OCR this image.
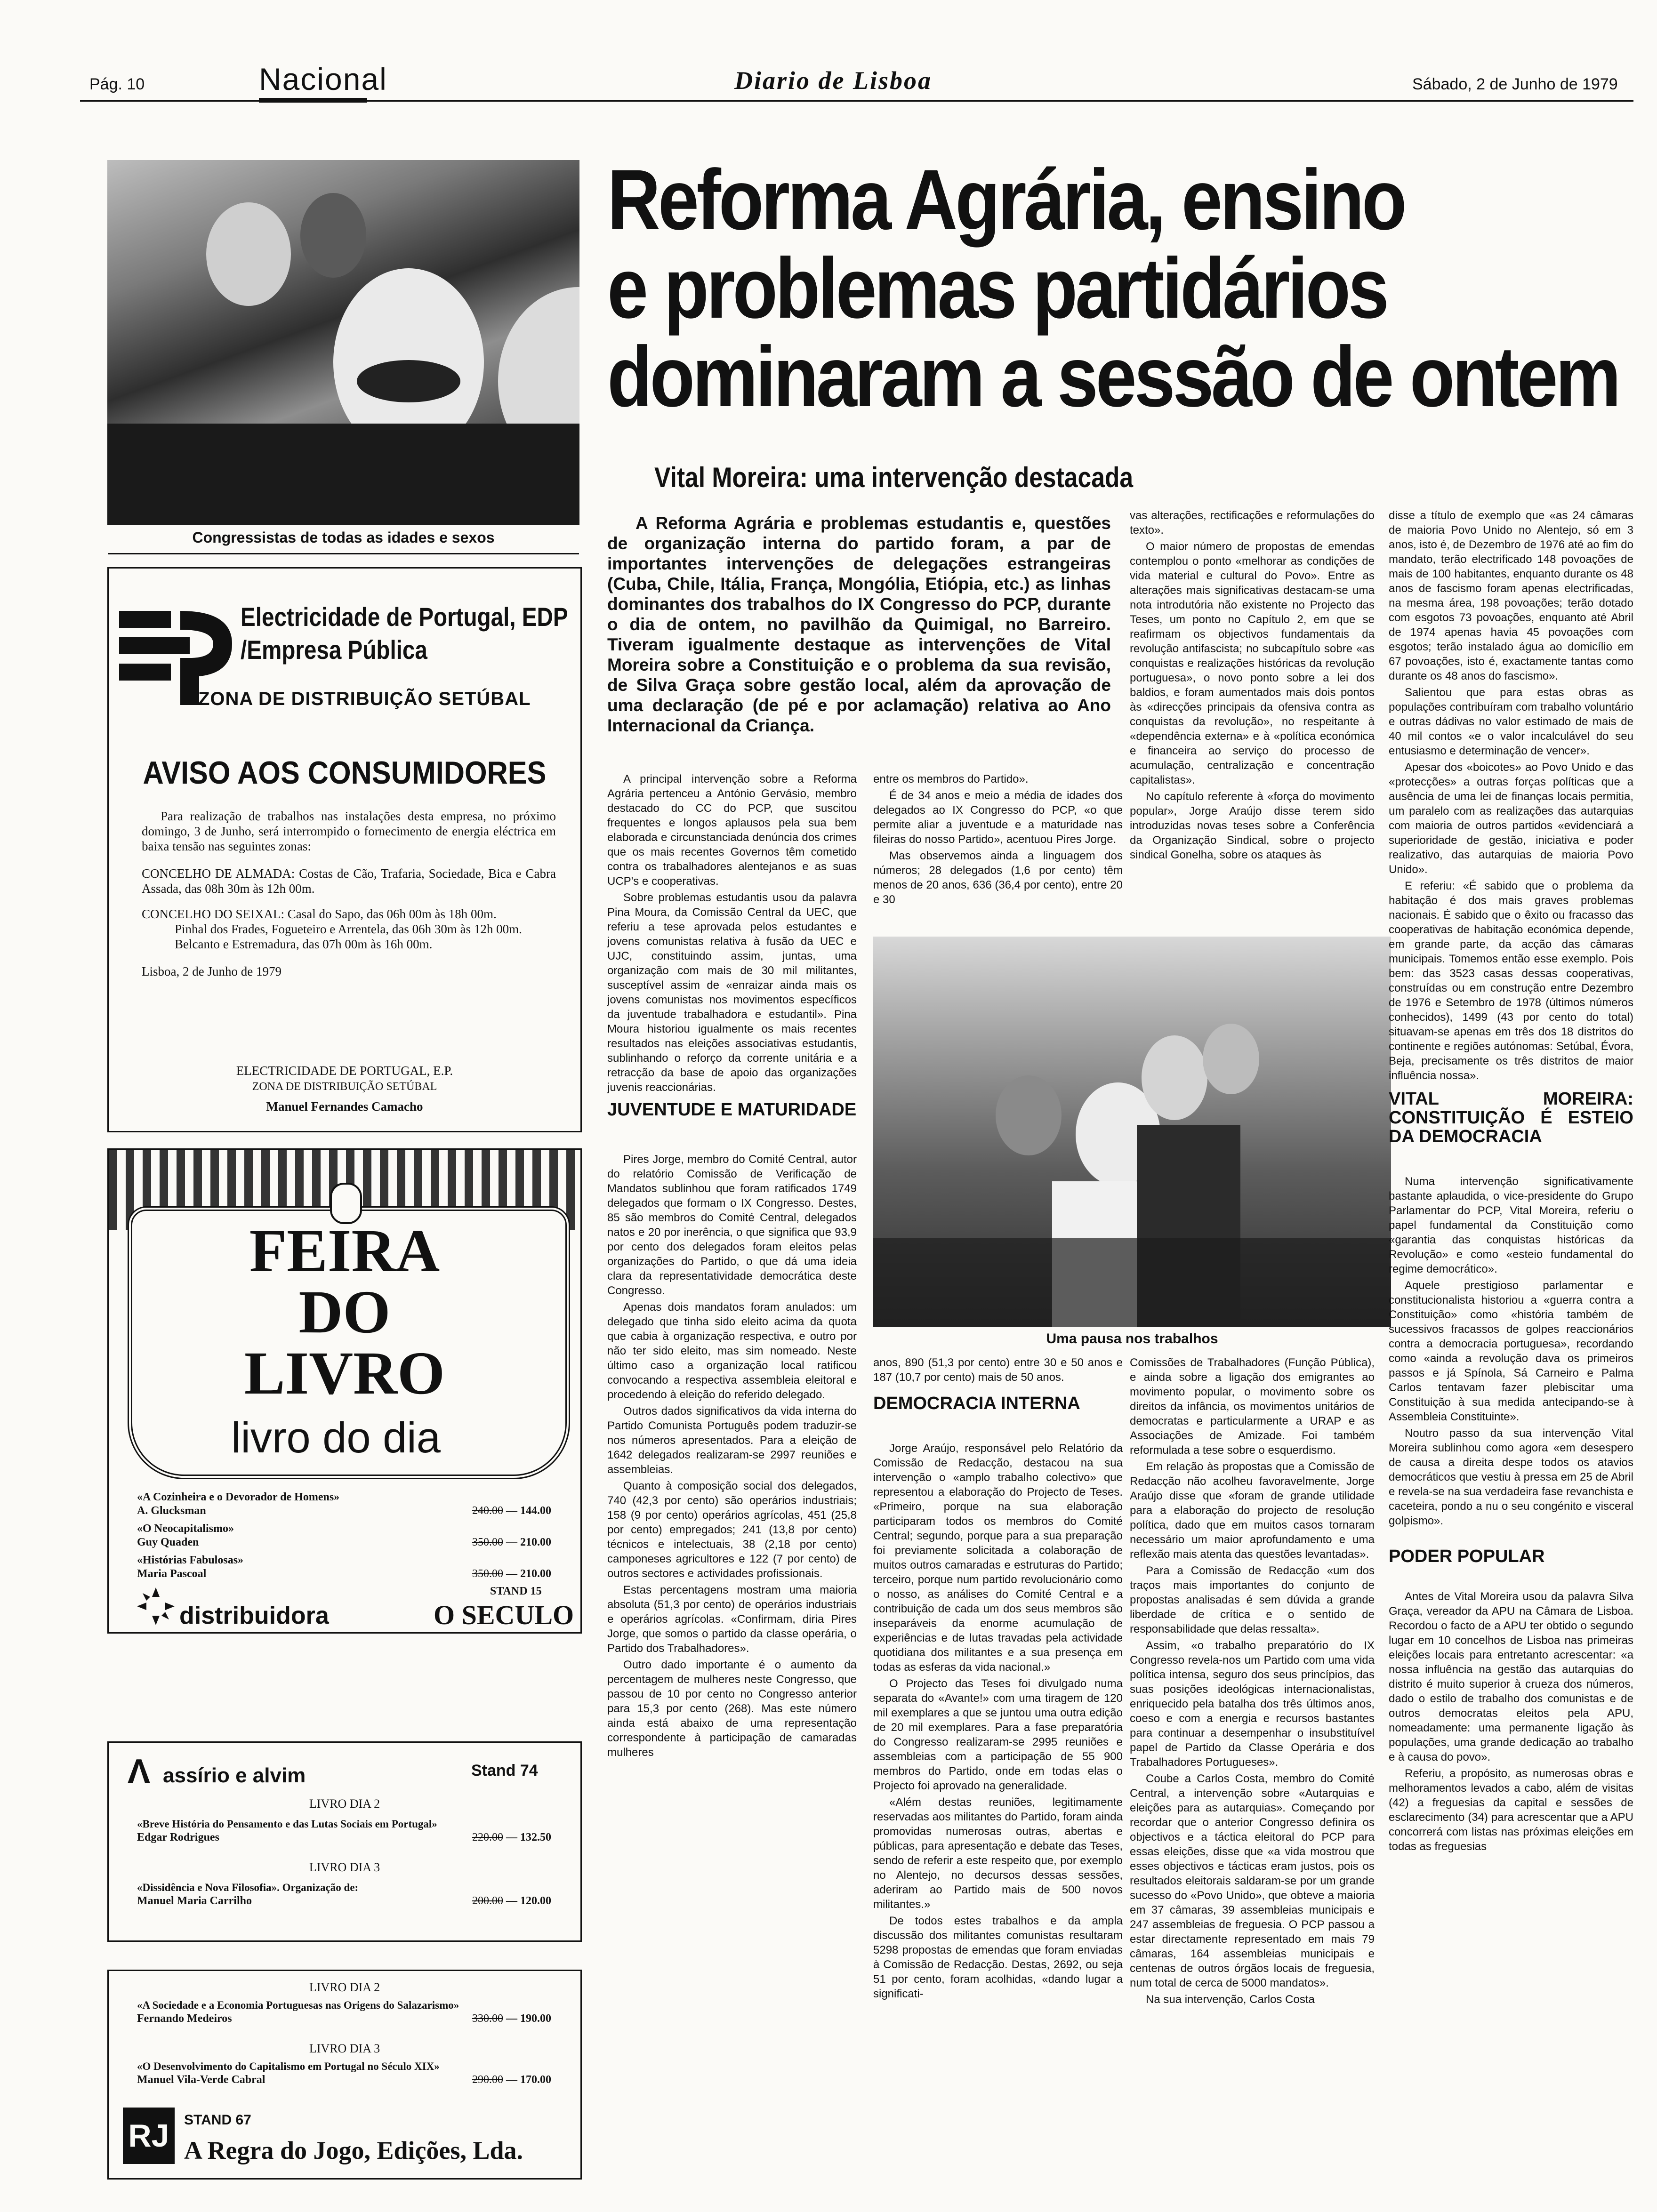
Pág. 10	Nacional	Diario de Lisboa	Sábado, 2 de Junho de 1979
Congressistas de todas as idades e sexos
Reforma Agrária, ensino
e problemas partidários
dominaram a sessão de ontem
Vital Moreira: uma intervenção destacada
A Reforma Agrária e problemas estudantis e, questões de organização interna do partido foram, a par de importantes intervenções de delegações estrangeiras (Cuba, Chile, Itália, França, Mongólia, Etiópia, etc.) as linhas dominantes dos trabalhos do IX Congresso do PCP, durante o dia de ontem, no pavilhão da Quimigal, no Barreiro. Tiveram igualmente destaque as intervenções de Vital Moreira sobre a Constituição e o problema da sua revisão, de Silva Graça sobre gestão local, além da aprovação de uma declaração (de pé e por aclamação) relativa ao Ano Internacional da Criança.

A principal intervenção sobre a Reforma Agrária pertenceu a António Gervásio, membro destacado do CC do PCP, que suscitou frequentes e longos aplausos pela sua bem elaborada e circunstanciada denúncia dos crimes que os mais recentes Governos têm cometido contra os trabalhadores alentejanos e as suas UCP's e cooperativas.

Sobre problemas estudantis usou da palavra Pina Moura, da Comissão Central da UEC, que referiu a tese aprovada pelos estudantes e jovens comunistas relativa à fusão da UEC e UJC, constituindo assim, juntas, uma organização com mais de 30 mil militantes, susceptível assim de «enraizar ainda mais os jovens comunistas nos movimentos específicos da juventude trabalhadora e estudantil». Pina Moura historiou igualmente os mais recentes resultados nas eleições associativas estudantis, sublinhando o reforço da corrente unitária e a retracção da base de apoio das organizações juvenis reaccionárias.

JUVENTUDE E MATURIDADE

Pires Jorge, membro do Comité Central, autor do relatório Comissão de Verificação de Mandatos sublinhou que foram ratificados 1749 delegados que formam o IX Congresso. Destes, 85 são membros do Comité Central, delegados natos e 20 por inerência, o que significa que 93,9 por cento dos delegados foram eleitos pelas organizações do Partido, o que dá uma ideia clara da representatividade democrática deste Congresso.

Apenas dois mandatos foram anulados: um delegado que tinha sido eleito acima da quota que cabia à organização respectiva, e outro por não ter sido eleito, mas sim nomeado. Neste último caso a organização local ratificou convocando a respectiva assembleia eleitoral e procedendo à eleição do referido delegado.

Outros dados significativos da vida interna do Partido Comunista Português podem traduzir-se nos números apresentados. Para a eleição de 1642 delegados realizaram-se 2997 reuniões e assembleias.

Quanto à composição social dos delegados, 740 (42,3 por cento) são operários industriais; 158 (9 por cento) operários agrícolas, 451 (25,8 por cento) empregados; 241 (13,8 por cento) técnicos e intelectuais, 38 (2,18 por cento) camponeses agricultores e 122 (7 por cento) de outros sectores e actividades profissionais.

Estas percentagens mostram uma maioria absoluta (51,3 por cento) de operários industriais e operários agrícolas. «Confirmam, diria Pires Jorge, que somos o partido da classe operária, o Partido dos Trabalhadores».

Outro dado importante é o aumento da percentagem de mulheres neste Congresso, que passou de 10 por cento no Congresso anterior para 15,3 por cento (268). Mas este número ainda está abaixo de uma representação correspondente à participação de camaradas mulheres

entre os membros do Partido».

É de 34 anos e meio a média de idades dos delegados ao IX Congresso do PCP, «o que permite aliar a juventude e a maturidade nas fileiras do nosso Partido», acentuou Pires Jorge.

Mas observemos ainda a linguagem dos números; 28 delegados (1,6 por cento) têm menos de 20 anos, 636 (36,4 por cento), entre 20 e 30

Uma pausa nos trabalhos

anos, 890 (51,3 por cento) entre 30 e 50 anos e 187 (10,7 por cento) mais de 50 anos.

DEMOCRACIA INTERNA

Jorge Araújo, responsável pelo Relatório da Comissão de Redacção, destacou na sua intervenção o «amplo trabalho colectivo» que representou a elaboração do Projecto de Teses. «Primeiro, porque na sua elaboração participaram todos os membros do Comité Central; segundo, porque para a sua preparação foi previamente solicitada a colaboração de muitos outros camaradas e estruturas do Partido; terceiro, porque num partido revolucionário como o nosso, as análises do Comité Central e a contribuição de cada um dos seus membros são inseparáveis da enorme acumulação de experiências e de lutas travadas pela actividade quotidiana dos militantes e a sua presença em todas as esferas da vida nacional.»

O Projecto das Teses foi divulgado numa separata do «Avante!» com uma tiragem de 120 mil exemplares a que se juntou uma outra edição de 20 mil exemplares. Para a fase preparatória do Congresso realizaram-se 2995 reuniões e assembleias com a participação de 55 900 membros do Partido, onde em todas elas o Projecto foi aprovado na generalidade.

«Além destas reuniões, legitimamente reservadas aos militantes do Partido, foram ainda promovidas numerosas outras, abertas e públicas, para apresentação e debate das Teses, sendo de referir a este respeito que, por exemplo no Alentejo, no decursos dessas sessões, aderiram ao Partido mais de 500 novos militantes.»

De todos estes trabalhos e da ampla discussão dos militantes comunistas resultaram 5298 propostas de emendas que foram enviadas à Comissão de Redacção. Destas, 2692, ou seja 51 por cento, foram acolhidas, «dando lugar a significati-

vas alterações, rectificações e reformulações do texto».

O maior número de propostas de emendas contemplou o ponto «melhorar as condições de vida material e cultural do Povo». Entre as alterações mais significativas destacam-se uma nota introdutória não existente no Projecto das Teses, um ponto no Capítulo 2, em que se reafirmam os objectivos fundamentais da revolução antifascista; no subcapítulo sobre «as conquistas e realizações históricas da revolução portuguesa», o novo ponto sobre a lei dos baldios, e foram aumentados mais dois pontos às «direcções principais da ofensiva contra as conquistas da revolução», no respeitante à «dependência externa» e à «política económica e financeira ao serviço do processo de acumulação, centralização e concentração capitalistas».

No capítulo referente à «força do movimento popular», Jorge Araújo disse terem sido introduzidas novas teses sobre a Conferência da Organização Sindical, sobre o projecto sindical Gonelha, sobre os ataques às

Comissões de Trabalhadores (Função Pública), e ainda sobre a ligação dos emigrantes ao movimento popular, o movimento sobre os direitos da infância, os movimentos unitários de democratas e particularmente a URAP e as Associações de Amizade. Foi também reformulada a tese sobre o esquerdismo.

Em relação às propostas que a Comissão de Redacção não acolheu favoravelmente, Jorge Araújo disse que «foram de grande utilidade para a elaboração do projecto de resolução política, dado que em muitos casos tornaram necessário um maior aprofundamento e uma reflexão mais atenta das questões levantadas».

Para a Comissão de Redacção «um dos traços mais importantes do conjunto de propostas analisadas é sem dúvida a grande liberdade de crítica e o sentido de responsabilidade que delas ressalta».

Assim, «o trabalho preparatório do IX Congresso revela-nos um Partido com uma vida política intensa, seguro dos seus princípios, das suas posições ideológicas internacionalistas, enriquecido pela batalha dos três últimos anos, coeso e com a energia e recursos bastantes para continuar a desempenhar o insubstituível papel de Partido da Classe Operária e dos Trabalhadores Portugueses».

Coube a Carlos Costa, membro do Comité Central, a intervenção sobre «Autarquias e eleições para as autarquias». Começando por recordar que o anterior Congresso definira os objectivos e a táctica eleitoral do PCP para essas eleições, disse que «a vida mostrou que esses objectivos e tácticas eram justos, pois os resultados eleitorais saldaram-se por um grande sucesso do «Povo Unido», que obteve a maioria em 37 câmaras, 39 assembleias municipais e 247 assembleias de freguesia. O PCP passou a estar directamente representado em mais 79 câmaras, 164 assembleias municipais e centenas de outros órgãos locais de freguesia, num total de cerca de 5000 mandatos».

Na sua intervenção, Carlos Costa

disse a título de exemplo que «as 24 câmaras de maioria Povo Unido no Alentejo, só em 3 anos, isto é, de Dezembro de 1976 até ao fim do mandato, terão electrificado 148 povoações de mais de 100 habitantes, enquanto durante os 48 anos de fascismo foram apenas electrificadas, na mesma área, 198 povoações; terão dotado com esgotos 73 povoações, enquanto até Abril de 1974 apenas havia 45 povoações com esgotos; terão instalado água ao domicílio em 67 povoações, isto é, exactamente tantas como durante os 48 anos do fascismo».

Salientou que para estas obras as populações contribuíram com trabalho voluntário e outras dádivas no valor estimado de mais de 40 mil contos «e o valor incalculável do seu entusiasmo e determinação de vencer».

Apesar dos «boicotes» ao Povo Unido e das «protecções» a outras forças políticas que a ausência de uma lei de finanças locais permitia, um paralelo com as realizações das autarquias com maioria de outros partidos «evidenciará a superioridade de gestão, iniciativa e poder realizativo, das autarquias de maioria Povo Unido».

E referiu: «É sabido que o problema da habitação é dos mais graves problemas nacionais. É sabido que o êxito ou fracasso das cooperativas de habitação económica depende, em grande parte, da acção das câmaras municipais. Tomemos então esse exemplo. Pois bem: das 3523 casas dessas cooperativas, construídas ou em construção entre Dezembro de 1976 e Setembro de 1978 (últimos números conhecidos), 1499 (43 por cento do total) situavam-se apenas em três dos 18 distritos do continente e regiões autónomas: Setúbal, Évora, Beja, precisamente os três distritos de maior influência nossa».

VITAL MOREIRA: CONSTITUIÇÃO É ESTEIO DA DEMOCRACIA

Numa intervenção significativamente bastante aplaudida, o vice-presidente do Grupo Parlamentar do PCP, Vital Moreira, referiu o papel fundamental da Constituição como «garantia das conquistas históricas da Revolução» e como «esteio fundamental do regime democrático».

Aquele prestigioso parlamentar e constitucionalista historiou a «guerra contra a Constituição» como «história também de sucessivos fracassos de golpes reaccionários contra a democracia portuguesa», recordando como «ainda a revolução dava os primeiros passos e já Spínola, Sá Carneiro e Palma Carlos tentavam fazer plebiscitar uma Constituição à sua medida antecipando-se à Assembleia Constituinte».

Noutro passo da sua intervenção Vital Moreira sublinhou como agora «em desespero de causa a direita despe todos os atavios democráticos que vestiu à pressa em 25 de Abril e revela-se na sua verdadeira fase revanchista e caceteira, pondo a nu o seu congénito e visceral golpismo».

PODER POPULAR

Antes de Vital Moreira usou da palavra Silva Graça, vereador da APU na Câmara de Lisboa. Recordou o facto de a APU ter obtido o segundo lugar em 10 concelhos de Lisboa nas primeiras eleições locais para entretanto acrescentar: «a nossa influência na gestão das autarquias do distrito é muito superior à crueza dos números, dado o estilo de trabalho dos comunistas e de outros democratas eleitos pela APU, nomeadamente: uma permanente ligação às populações, uma grande dedicação ao trabalho e à causa do povo».

Referiu, a propósito, as numerosas obras e melhoramentos levados a cabo, além de visitas (42) a freguesias da capital e sessões de esclarecimento (34) para acrescentar que a APU concorrerá com listas nas próximas eleições em todas as freguesias

Electricidade de Portugal, EDP
/Empresa Pública
ZONA DE DISTRIBUIÇÃO SETÚBAL
AVISO AOS CONSUMIDORES
Para realização de trabalhos nas instalações desta empresa, no próximo domingo, 3 de Junho, será interrompido o fornecimento de energia eléctrica em baixa tensão nas seguintes zonas:
CONCELHO DE ALMADA: Costas de Cão, Trafaria, Sociedade, Bica e Cabra Assada, das 08h 30m às 12h 00m.
CONCELHO DO SEIXAL: Casal do Sapo, das 06h 00m às 18h 00m.
Pinhal dos Frades, Fogueteiro e Arrentela, das 06h 30m às 12h 00m.
Belcanto e Estremadura, das 07h 00m às 16h 00m.
Lisboa, 2 de Junho de 1979
ELECTRICIDADE DE PORTUGAL, E.P.
ZONA DE DISTRIBUIÇÃO SETÚBAL
Manuel Fernandes Camacho
FEIRA
DO
LIVRO
livro do dia
«A Cozinheira e o Devorador de Homens»
A. Glucksman	240.00 — 144.00
«O Neocapitalismo»
Guy Quaden	350.00 — 210.00
«Histórias Fabulosas»
Maria Pascoal	350.00 — 210.00
STAND 15
distribuidora	O SECULO
Λ assírio e alvim	Stand 74
LIVRO DIA 2
«Breve História do Pensamento e das Lutas Sociais em Portugal»
Edgar Rodrigues	220.00 — 132.50
LIVRO DIA 3
«Dissidência e Nova Filosofia». Organização de:
Manuel Maria Carrilho	200.00 — 120.00
LIVRO DIA 2
«A Sociedade e a Economia Portuguesas nas Origens do Salazarismo»
Fernando Medeiros	330.00 — 190.00
LIVRO DIA 3
«O Desenvolvimento do Capitalismo em Portugal no Século XIX»
Manuel Vila-Verde Cabral	290.00 — 170.00
RJ	STAND 67
A Regra do Jogo, Edições, Lda.
